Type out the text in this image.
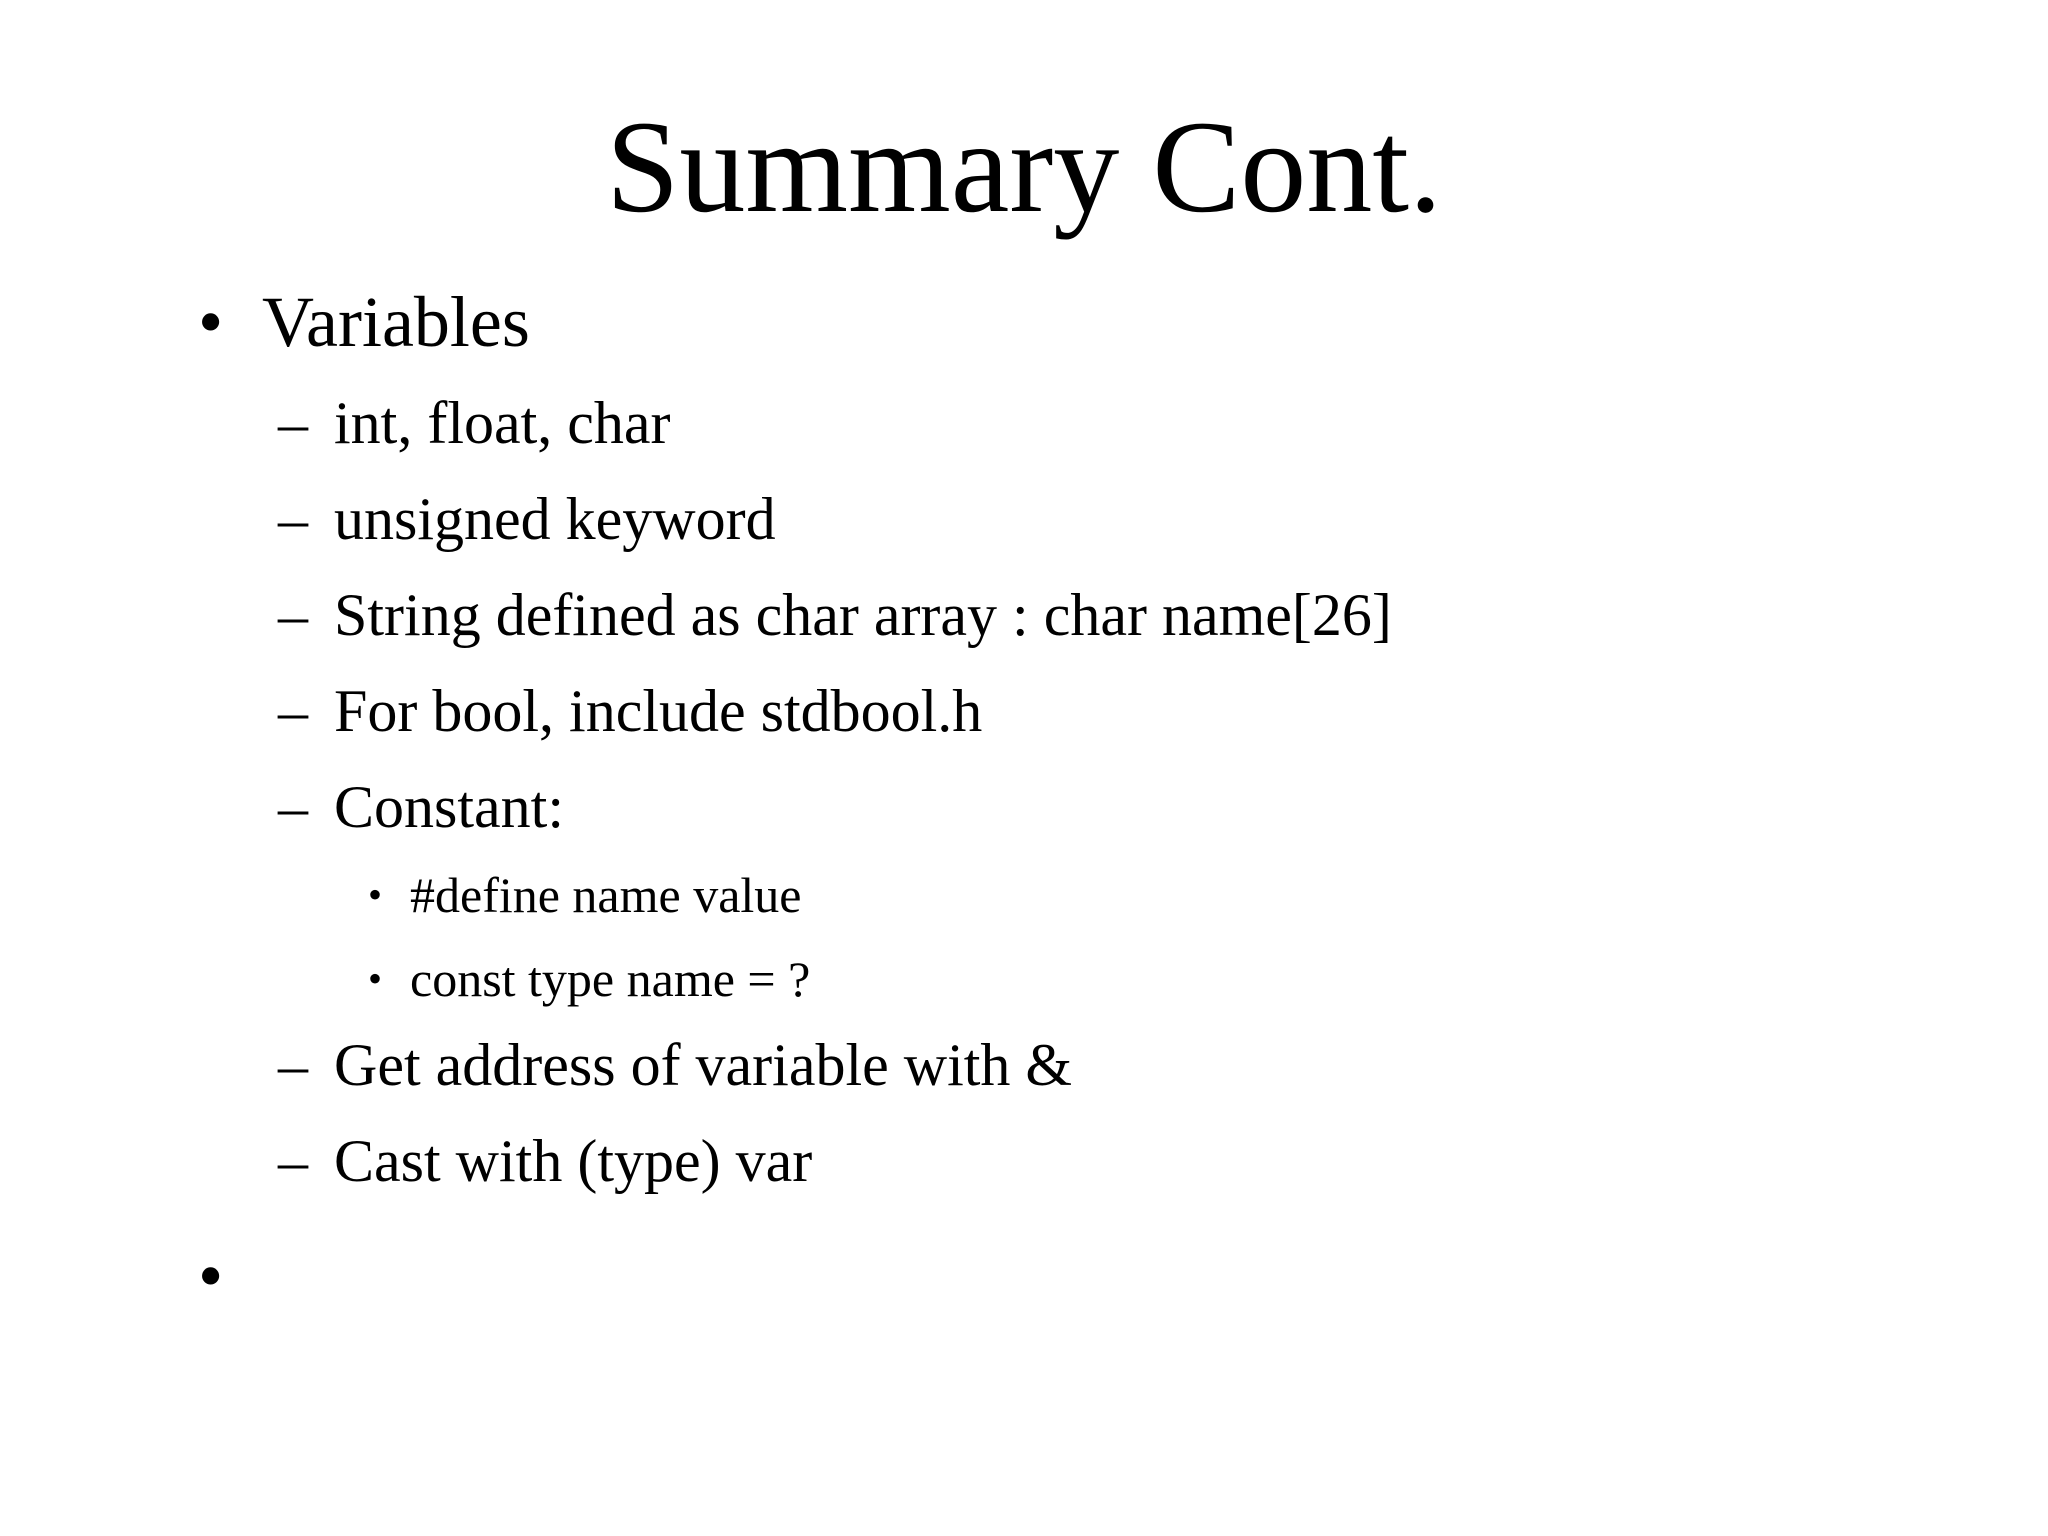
Summary Cont.
• Variables
– int, float, char
– unsigned keyword
– String defined as char array : char name[26]
– For bool, include stdbool.h
– Constant:
• #define name value
• const type name = ?
– Get address of variable with &
– Cast with (type) var
•
